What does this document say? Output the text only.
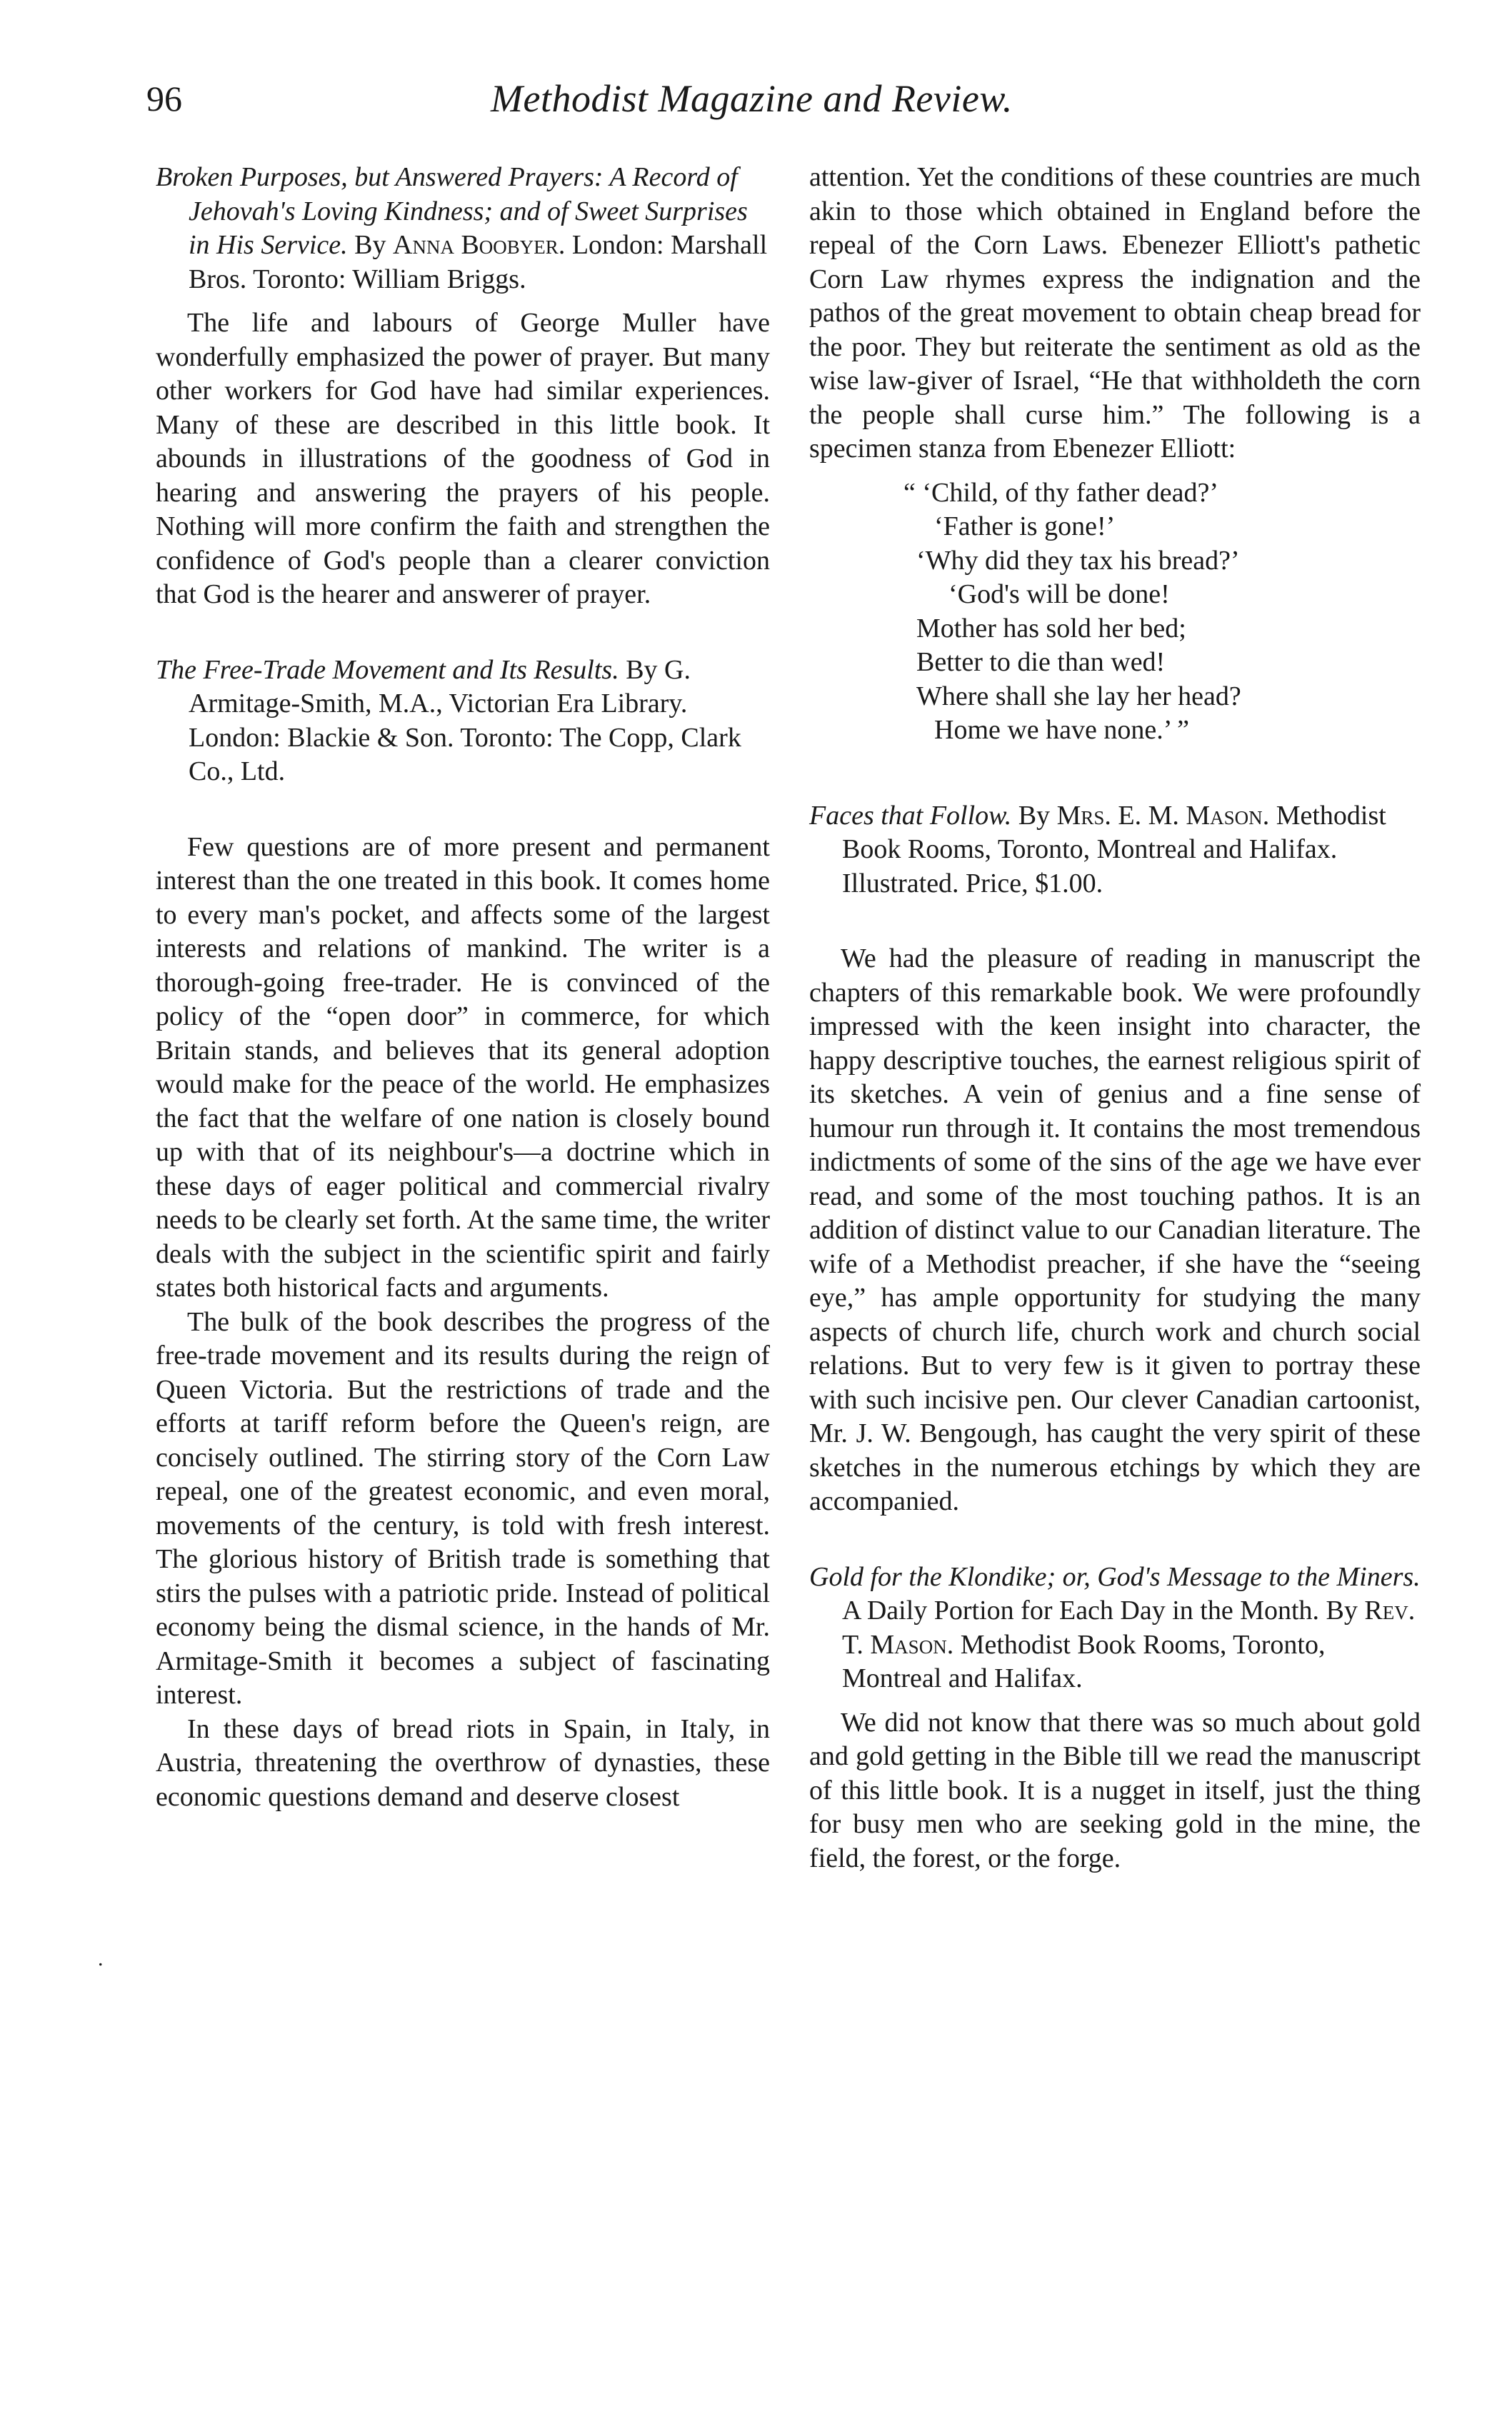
96	Methodist Magazine and Review.
.

Broken Purposes, but Answered Prayers: A Record of Jehovah's Loving Kindness; and of Sweet Surprises in His Service. By Anna Boobyer. London: Marshall Bros. Toronto: William Briggs.

The life and labours of George Muller have wonderfully emphasized the power of prayer. But many other workers for God have had similar experiences. Many of these are described in this little book. It abounds in illustrations of the goodness of God in hearing and answering the prayers of his people. Nothing will more confirm the faith and strengthen the confidence of God's people than a clearer conviction that God is the hearer and answerer of prayer.

The Free-Trade Movement and Its Results. By G. Armitage-Smith, M.A., Victorian Era Library. London: Blackie & Son. Toronto: The Copp, Clark Co., Ltd.

Few questions are of more present and permanent interest than the one treated in this book. It comes home to every man's pocket, and affects some of the largest interests and relations of mankind. The writer is a thorough-going free-trader. He is convinced of the policy of the “open door” in commerce, for which Britain stands, and believes that its general adoption would make for the peace of the world. He emphasizes the fact that the welfare of one nation is closely bound up with that of its neighbour's—a doctrine which in these days of eager political and commercial rivalry needs to be clearly set forth. At the same time, the writer deals with the subject in the scientific spirit and fairly states both historical facts and arguments.

The bulk of the book describes the progress of the free-trade movement and its results during the reign of Queen Victoria. But the restrictions of trade and the efforts at tariff reform before the Queen's reign, are concisely outlined. The stirring story of the Corn Law repeal, one of the greatest economic, and even moral, movements of the century, is told with fresh interest. The glorious history of British trade is something that stirs the pulses with a patriotic pride. Instead of political economy being the dismal science, in the hands of Mr. Armitage-Smith it becomes a subject of fascinating interest.

In these days of bread riots in Spain, in Italy, in Austria, threatening the overthrow of dynasties, these economic questions demand and deserve closest

attention. Yet the conditions of these countries are much akin to those which obtained in England before the repeal of the Corn Laws. Ebenezer Elliott's pathetic Corn Law rhymes express the indignation and the pathos of the great movement to obtain cheap bread for the poor. They but reiterate the sentiment as old as the wise law-giver of Israel, “He that withholdeth the corn the people shall curse him.” The following is a specimen stanza from Ebenezer Elliott:

“ ‘Child, of thy father dead?’
‘Father is gone!’
‘Why did they tax his bread?’
‘God's will be done!
Mother has sold her bed;
Better to die than wed!
Where shall she lay her head?
Home we have none.’ ”

Faces that Follow. By Mrs. E. M. Mason. Methodist Book Rooms, Toronto, Montreal and Halifax. Illustrated. Price, $1.00.

We had the pleasure of reading in manuscript the chapters of this remarkable book. We were profoundly impressed with the keen insight into character, the happy descriptive touches, the earnest religious spirit of its sketches. A vein of genius and a fine sense of humour run through it. It contains the most tremendous indictments of some of the sins of the age we have ever read, and some of the most touching pathos. It is an addition of distinct value to our Canadian literature. The wife of a Methodist preacher, if she have the “seeing eye,” has ample opportunity for studying the many aspects of church life, church work and church social relations. But to very few is it given to portray these with such incisive pen. Our clever Canadian cartoonist, Mr. J. W. Bengough, has caught the very spirit of these sketches in the numerous etchings by which they are accompanied.

Gold for the Klondike; or, God's Message to the Miners. A Daily Portion for Each Day in the Month. By Rev. T. Mason. Methodist Book Rooms, Toronto, Montreal and Halifax.

We did not know that there was so much about gold and gold getting in the Bible till we read the manuscript of this little book. It is a nugget in itself, just the thing for busy men who are seeking gold in the mine, the field, the forest, or the forge.
